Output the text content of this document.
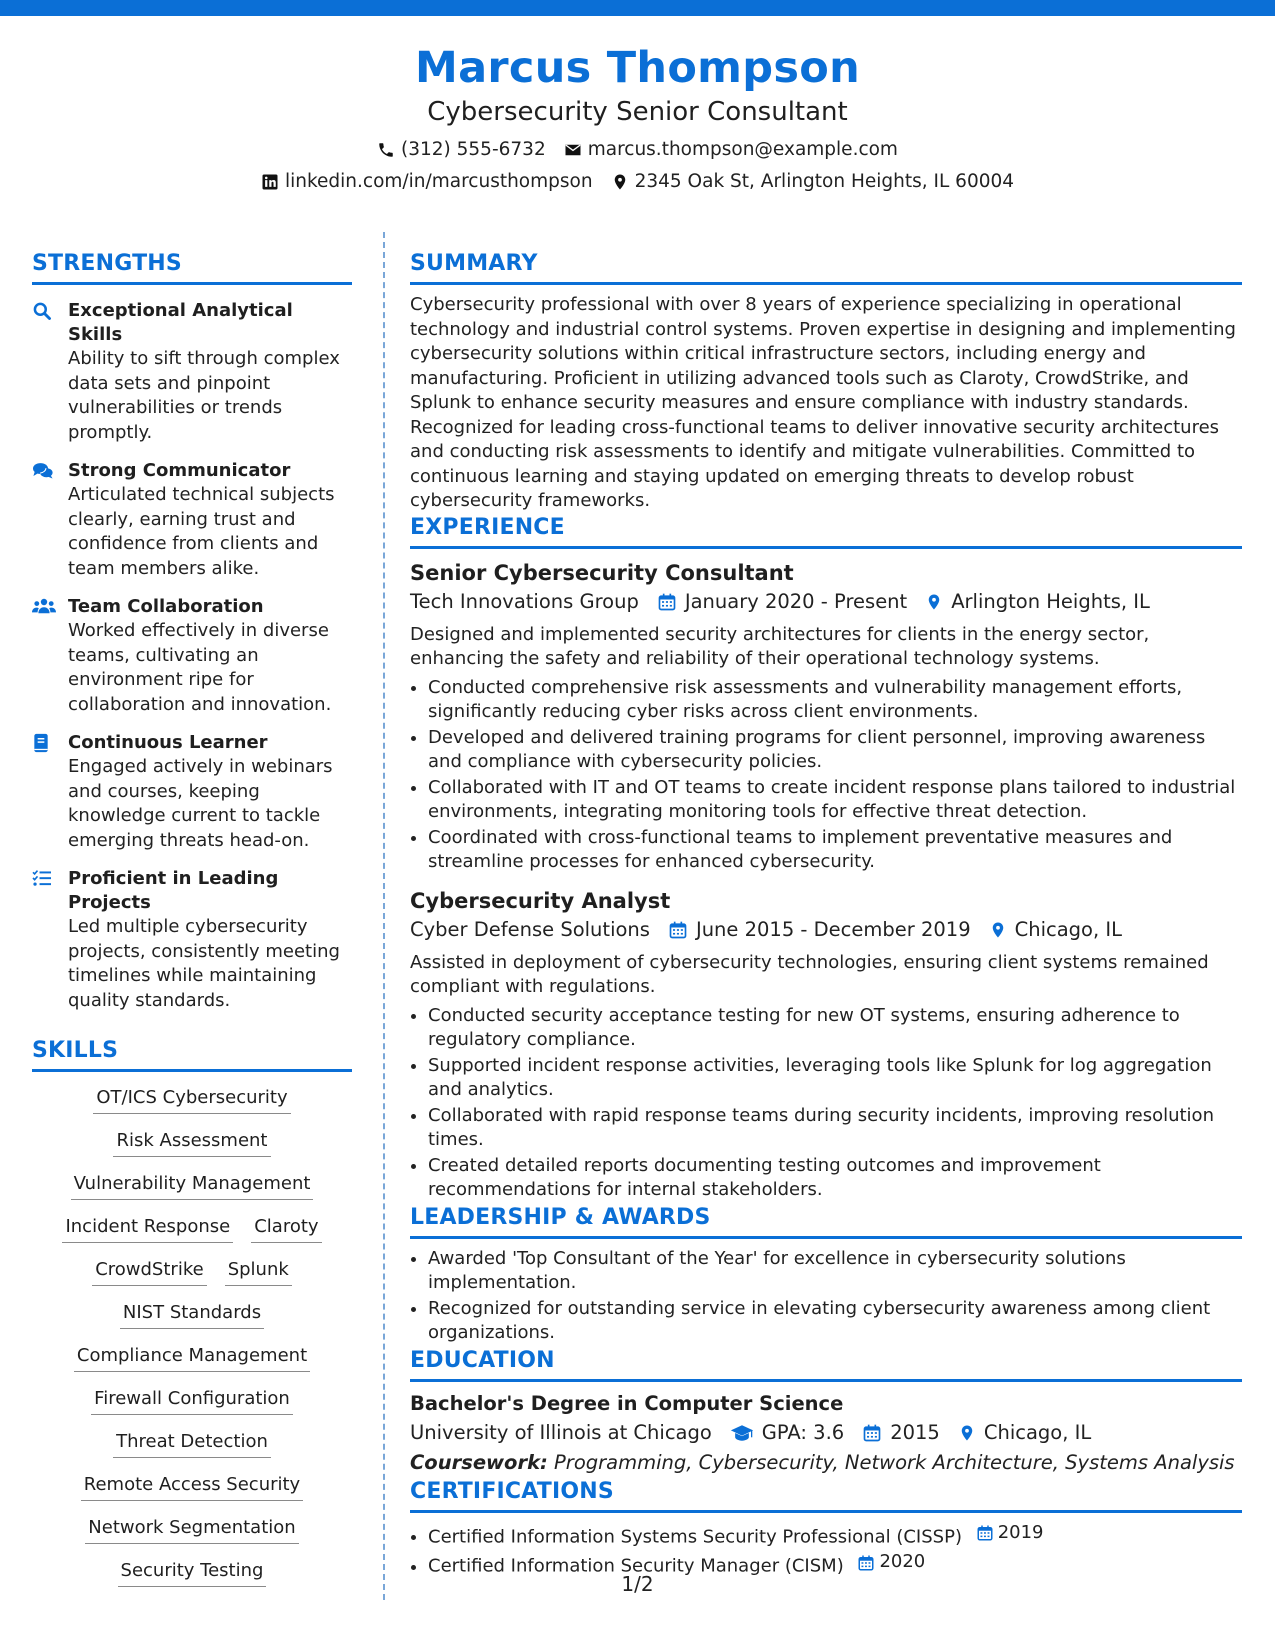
Marcus Thompson
Cybersecurity Senior Consultant
(312) 555-6732 marcus.thompson@example.com
linkedin.com/in/marcusthompson 2345 Oak St, Arlington Heights, IL 60004
STRENGTHS
Exceptional Analytical Skills
Ability to sift through complex data sets and pinpoint vulnerabilities or trends promptly.
Strong Communicator
Articulated technical subjects clearly, earning trust and confidence from clients and team members alike.
Team Collaboration
Worked effectively in diverse teams, cultivating an environment ripe for collaboration and innovation.
Continuous Learner
Engaged actively in webinars and courses, keeping knowledge current to tackle emerging threats head-on.
Proficient in Leading Projects
Led multiple cybersecurity projects, consistently meeting timelines while maintaining quality standards.
SKILLS
OT/ICS Cybersecurity
Risk Assessment
Vulnerability Management
Incident Response Claroty
CrowdStrike Splunk
NIST Standards
Compliance Management
Firewall Configuration
Threat Detection
Remote Access Security
Network Segmentation
Security Testing
SUMMARY
Cybersecurity professional with over 8 years of experience specializing in operational technology and industrial control systems. Proven expertise in designing and implementing cybersecurity solutions within critical infrastructure sectors, including energy and manufacturing. Proficient in utilizing advanced tools such as Claroty, CrowdStrike, and Splunk to enhance security measures and ensure compliance with industry standards. Recognized for leading cross-functional teams to deliver innovative security architectures and conducting risk assessments to identify and mitigate vulnerabilities. Committed to continuous learning and staying updated on emerging threats to develop robust cybersecurity frameworks.
EXPERIENCE
Senior Cybersecurity Consultant
Tech Innovations Group January 2020 - Present Arlington Heights, IL
Designed and implemented security architectures for clients in the energy sector, enhancing the safety and reliability of their operational technology systems.
• Conducted comprehensive risk assessments and vulnerability management efforts, significantly reducing cyber risks across client environments.
• Developed and delivered training programs for client personnel, improving awareness and compliance with cybersecurity policies.
• Collaborated with IT and OT teams to create incident response plans tailored to industrial environments, integrating monitoring tools for effective threat detection.
• Coordinated with cross-functional teams to implement preventative measures and streamline processes for enhanced cybersecurity.
Cybersecurity Analyst
Cyber Defense Solutions June 2015 - December 2019 Chicago, IL
Assisted in deployment of cybersecurity technologies, ensuring client systems remained compliant with regulations.
• Conducted security acceptance testing for new OT systems, ensuring adherence to regulatory compliance.
• Supported incident response activities, leveraging tools like Splunk for log aggregation and analytics.
• Collaborated with rapid response teams during security incidents, improving resolution times.
• Created detailed reports documenting testing outcomes and improvement recommendations for internal stakeholders.
LEADERSHIP & AWARDS
• Awarded 'Top Consultant of the Year' for excellence in cybersecurity solutions implementation.
• Recognized for outstanding service in elevating cybersecurity awareness among client organizations.
EDUCATION
Bachelor's Degree in Computer Science
University of Illinois at Chicago	GPA: 3.6 2015 Chicago, IL
Coursework: Programming, Cybersecurity, Network Architecture, Systems Analysis
CERTIFICATIONS
• Certified Information Systems Security Professional (CISSP) 2019
• Certified Information Security Manager (CISM) 2020
1/2
